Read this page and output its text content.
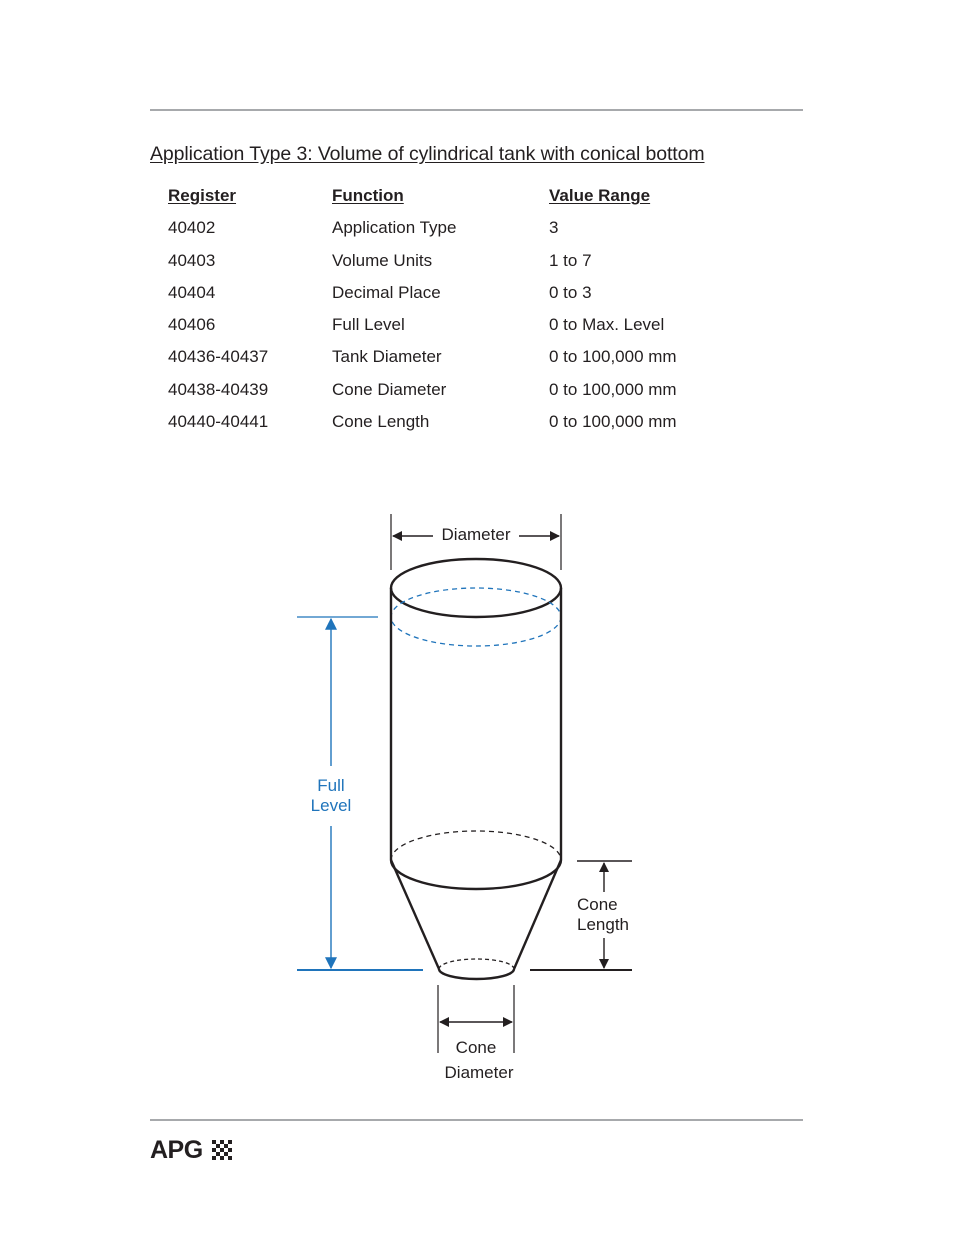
Application Type 3: Volume of cylindrical tank with conical bottom
Register	Function	Value Range
40402	Application Type	3
40403	Volume Units	1 to 7
40404	Decimal Place	0 to 3
40406	Full Level	0 to Max. Level
40436-40437	Tank Diameter	0 to 100,000 mm
40438-40439	Cone Diameter	0 to 100,000 mm
40440-40441	Cone Length	0 to 100,000 mm
Diameter
Full
Level
Cone
Length
Cone
Diameter
APG
